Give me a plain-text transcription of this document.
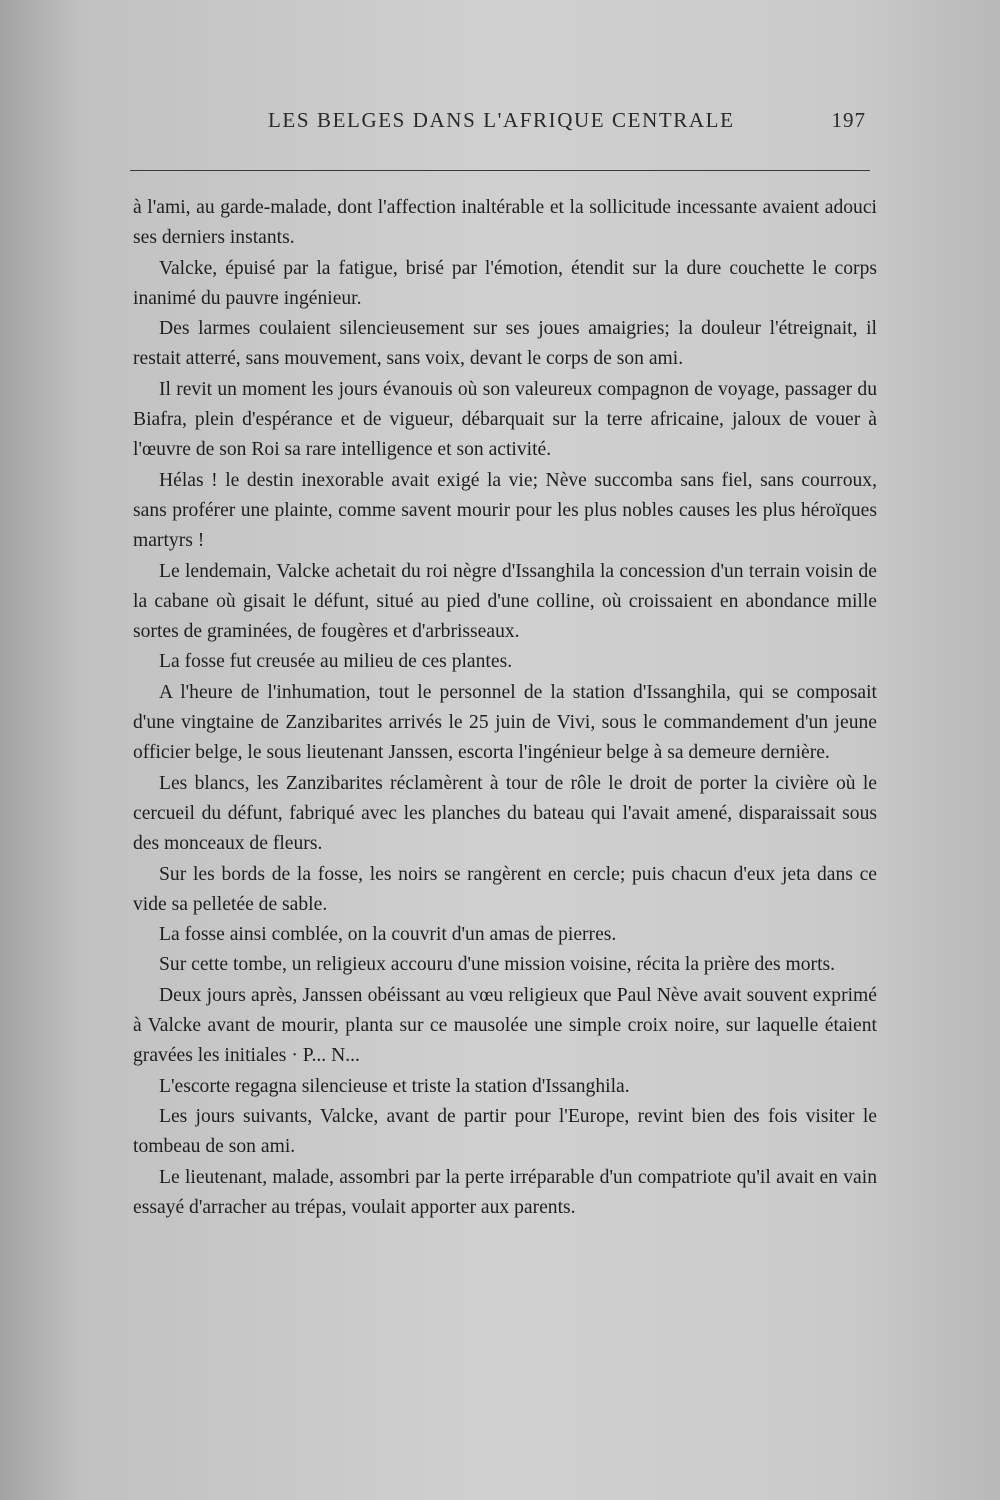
LES BELGES DANS L'AFRIQUE CENTRALE	197

à l'ami, au garde-malade, dont l'affection inaltérable et la sollicitude incessante avaient adouci ses derniers instants.

Valcke, épuisé par la fatigue, brisé par l'émotion, étendit sur la dure couchette le corps inanimé du pauvre ingénieur.

Des larmes coulaient silencieusement sur ses joues amaigries; la douleur l'étreignait, il restait atterré, sans mouvement, sans voix, devant le corps de son ami.

Il revit un moment les jours évanouis où son valeureux compagnon de voyage, passager du Biafra, plein d'espérance et de vigueur, débarquait sur la terre africaine, jaloux de vouer à l'œuvre de son Roi sa rare intelligence et son activité.

Hélas ! le destin inexorable avait exigé la vie; Nève succomba sans fiel, sans courroux, sans proférer une plainte, comme savent mourir pour les plus nobles causes les plus héroïques martyrs !

Le lendemain, Valcke achetait du roi nègre d'Issanghila la concession d'un terrain voisin de la cabane où gisait le défunt, situé au pied d'une colline, où croissaient en abondance mille sortes de graminées, de fougères et d'arbrisseaux.

La fosse fut creusée au milieu de ces plantes.

A l'heure de l'inhumation, tout le personnel de la station d'Issanghila, qui se composait d'une vingtaine de Zanzibarites arrivés le 25 juin de Vivi, sous le commandement d'un jeune officier belge, le sous lieutenant Janssen, escorta l'ingénieur belge à sa demeure dernière.

Les blancs, les Zanzibarites réclamèrent à tour de rôle le droit de porter la civière où le cercueil du défunt, fabriqué avec les planches du bateau qui l'avait amené, disparaissait sous des monceaux de fleurs.

Sur les bords de la fosse, les noirs se rangèrent en cercle; puis chacun d'eux jeta dans ce vide sa pelletée de sable.

La fosse ainsi comblée, on la couvrit d'un amas de pierres.

Sur cette tombe, un religieux accouru d'une mission voisine, récita la prière des morts.

Deux jours après, Janssen obéissant au vœu religieux que Paul Nève avait souvent exprimé à Valcke avant de mourir, planta sur ce mausolée une simple croix noire, sur laquelle étaient gravées les initiales · P... N...

L'escorte regagna silencieuse et triste la station d'Issanghila.

Les jours suivants, Valcke, avant de partir pour l'Europe, revint bien des fois visiter le tombeau de son ami.

Le lieutenant, malade, assombri par la perte irréparable d'un compatriote qu'il avait en vain essayé d'arracher au trépas, voulait apporter aux parents.
